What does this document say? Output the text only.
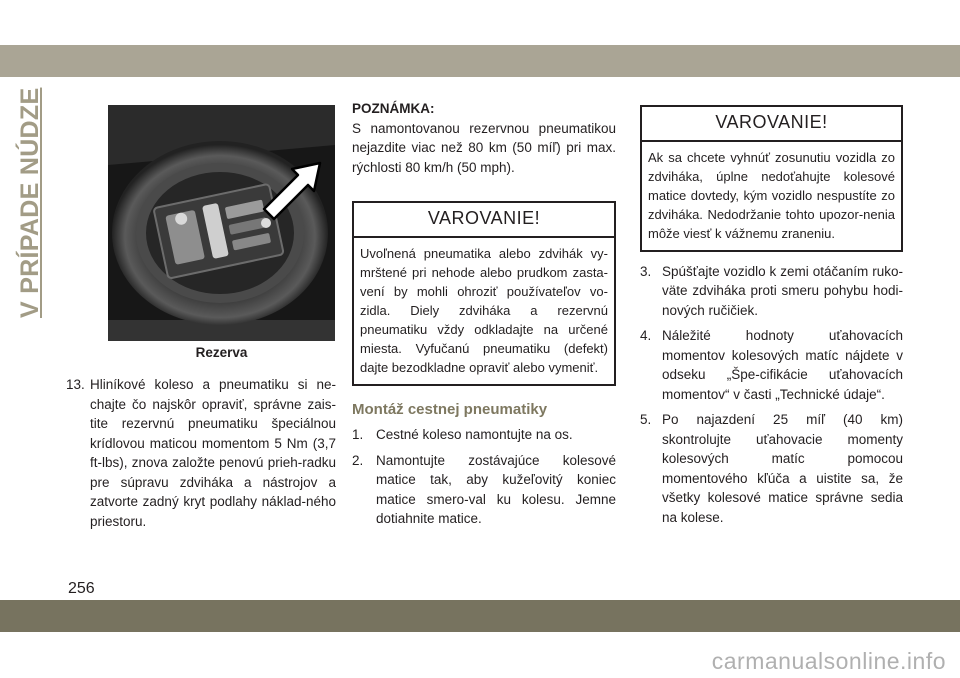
V PRÍPADE NÚDZE
Rezerva
13. Hliníkové koleso a pneumatiku si ne-chajte čo najskôr opraviť, správne zais-tite rezervnú pneumatiku špeciálnou krídlovou maticou momentom 5 Nm (3,7 ft-lbs), znova založte penovú prieh-radku pre súpravu zdviháka a nástrojov a zatvorte zadný kryt podlahy náklad-ného priestoru.
POZNÁMKA:
S namontovanou rezervnou pneumatikou nejazdite viac než 80 km (50 míľ) pri max. rýchlosti 80 km/h (50 mph).
VAROVANIE!
Uvoľnená pneumatika alebo zdvihák vy-mrštené pri nehode alebo prudkom zasta-vení by mohli ohroziť používateľov vo-zidla. Diely zdviháka a rezervnú pneumatiku vždy odkladajte na určené miesta. Vyfučanú pneumatiku (defekt) dajte bezodkladne opraviť alebo vymeniť.
Montáž cestnej pneumatiky
1. Cestné koleso namontujte na os.
2. Namontujte zostávajúce kolesové matice tak, aby kužeľovitý koniec matice smero-val ku kolesu. Jemne dotiahnite matice.
VAROVANIE!
Ak sa chcete vyhnúť zosunutiu vozidla zo zdviháka, úplne nedoťahujte kolesové matice dovtedy, kým vozidlo nespustíte zo zdviháka. Nedodržanie tohto upozor-nenia môže viesť k vážnemu zraneniu.
3. Spúšťajte vozidlo k zemi otáčaním ruko-väte zdviháka proti smeru pohybu hodi-nových ručičiek.
4. Náležité hodnoty uťahovacích momentov kolesových matíc nájdete v odseku „Špe-cifikácie uťahovacích momentov“ v časti „Technické údaje“.
5. Po najazdení 25 míľ (40 km) skontrolujte uťahovacie momenty kolesových matíc pomocou momentového kľúča a uistite sa, že všetky kolesové matice správne sedia na kolese.
256
carmanualsonline.info
